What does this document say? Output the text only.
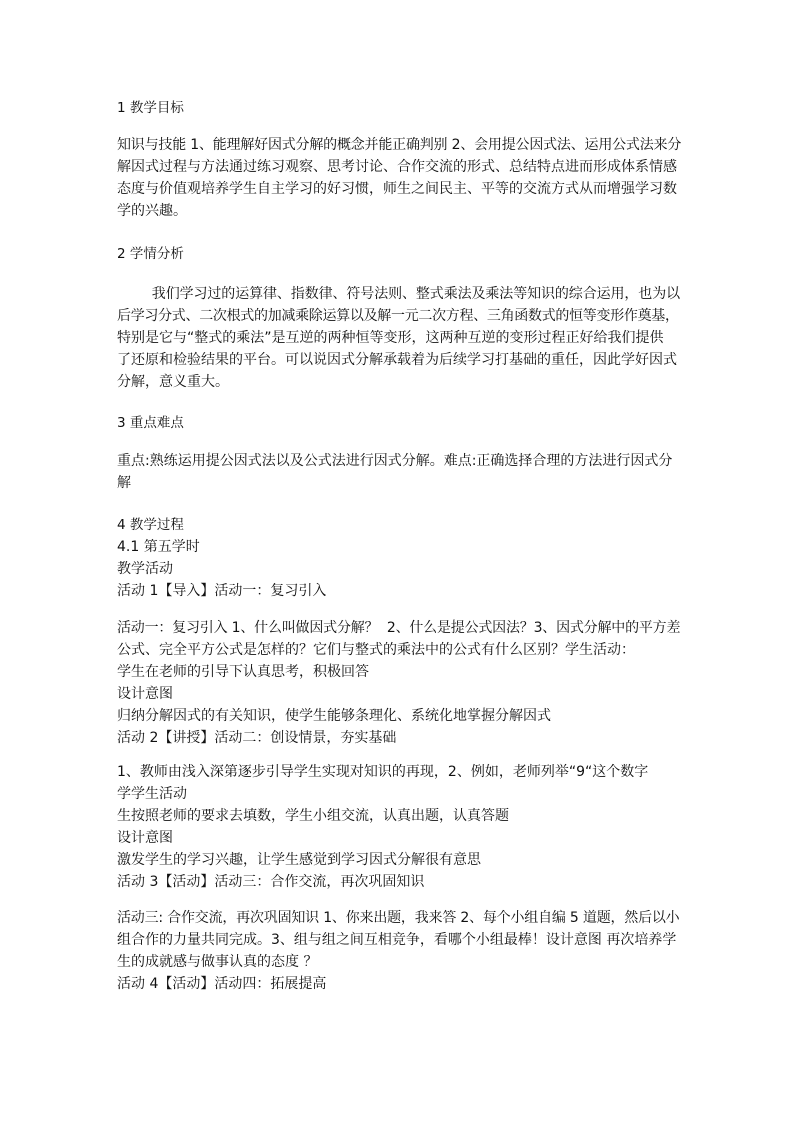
1 教学目标
知识与技能 1、能理解好因式分解的概念并能正确判别 2、会用提公因式法、运用公式法来分
解因式过程与方法通过练习观察、思考讨论、合作交流的形式、总结特点进而形成体系情感
态度与价值观培养学生自主学习的好习惯，师生之间民主、平等的交流方式从而增强学习数
学的兴趣。
2 学情分析
我们学习过的运算律、指数律、符号法则、整式乘法及乘法等知识的综合运用，也为以
后学习分式、二次根式的加减乘除运算以及解一元二次方程、三角函数式的恒等变形作奠基，
特别是它与“整式的乘法”是互逆的两种恒等变形，这两种互逆的变形过程正好给我们提供
了还原和检验结果的平台。可以说因式分解承载着为后续学习打基础的重任，因此学好因式
分解，意义重大。
3 重点难点
重点:熟练运用提公因式法以及公式法进行因式分解。难点:正确选择合理的方法进行因式分
解
4 教学过程
4.1 第五学时
教学活动
活动 1【导入】活动一：复习引入
活动一：复习引入 1、什么叫做因式分解？  2、什么是提公式因法？3、因式分解中的平方差
公式、完全平方公式是怎样的？它们与整式的乘法中的公式有什么区别？学生活动：
学生在老师的引导下认真思考，积极回答
设计意图
归纳分解因式的有关知识，使学生能够条理化、系统化地掌握分解因式
活动 2【讲授】活动二：创设情景，夯实基础
1、教师由浅入深第逐步引导学生实现对知识的再现，2、例如，老师列举“9“这个数字
学学生活动
生按照老师的要求去填数，学生小组交流，认真出题，认真答题
设计意图
激发学生的学习兴趣，让学生感觉到学习因式分解很有意思
活动 3【活动】活动三：合作交流，再次巩固知识
活动三: 合作交流，再次巩固知识 1、你来出题，我来答 2、每个小组自编 5 道题，然后以小
组合作的力量共同完成。3、组与组之间互相竞争，看哪个小组最棒！设计意图 再次培养学
生的成就感与做事认真的态度 ？
活动 4【活动】活动四：拓展提高
